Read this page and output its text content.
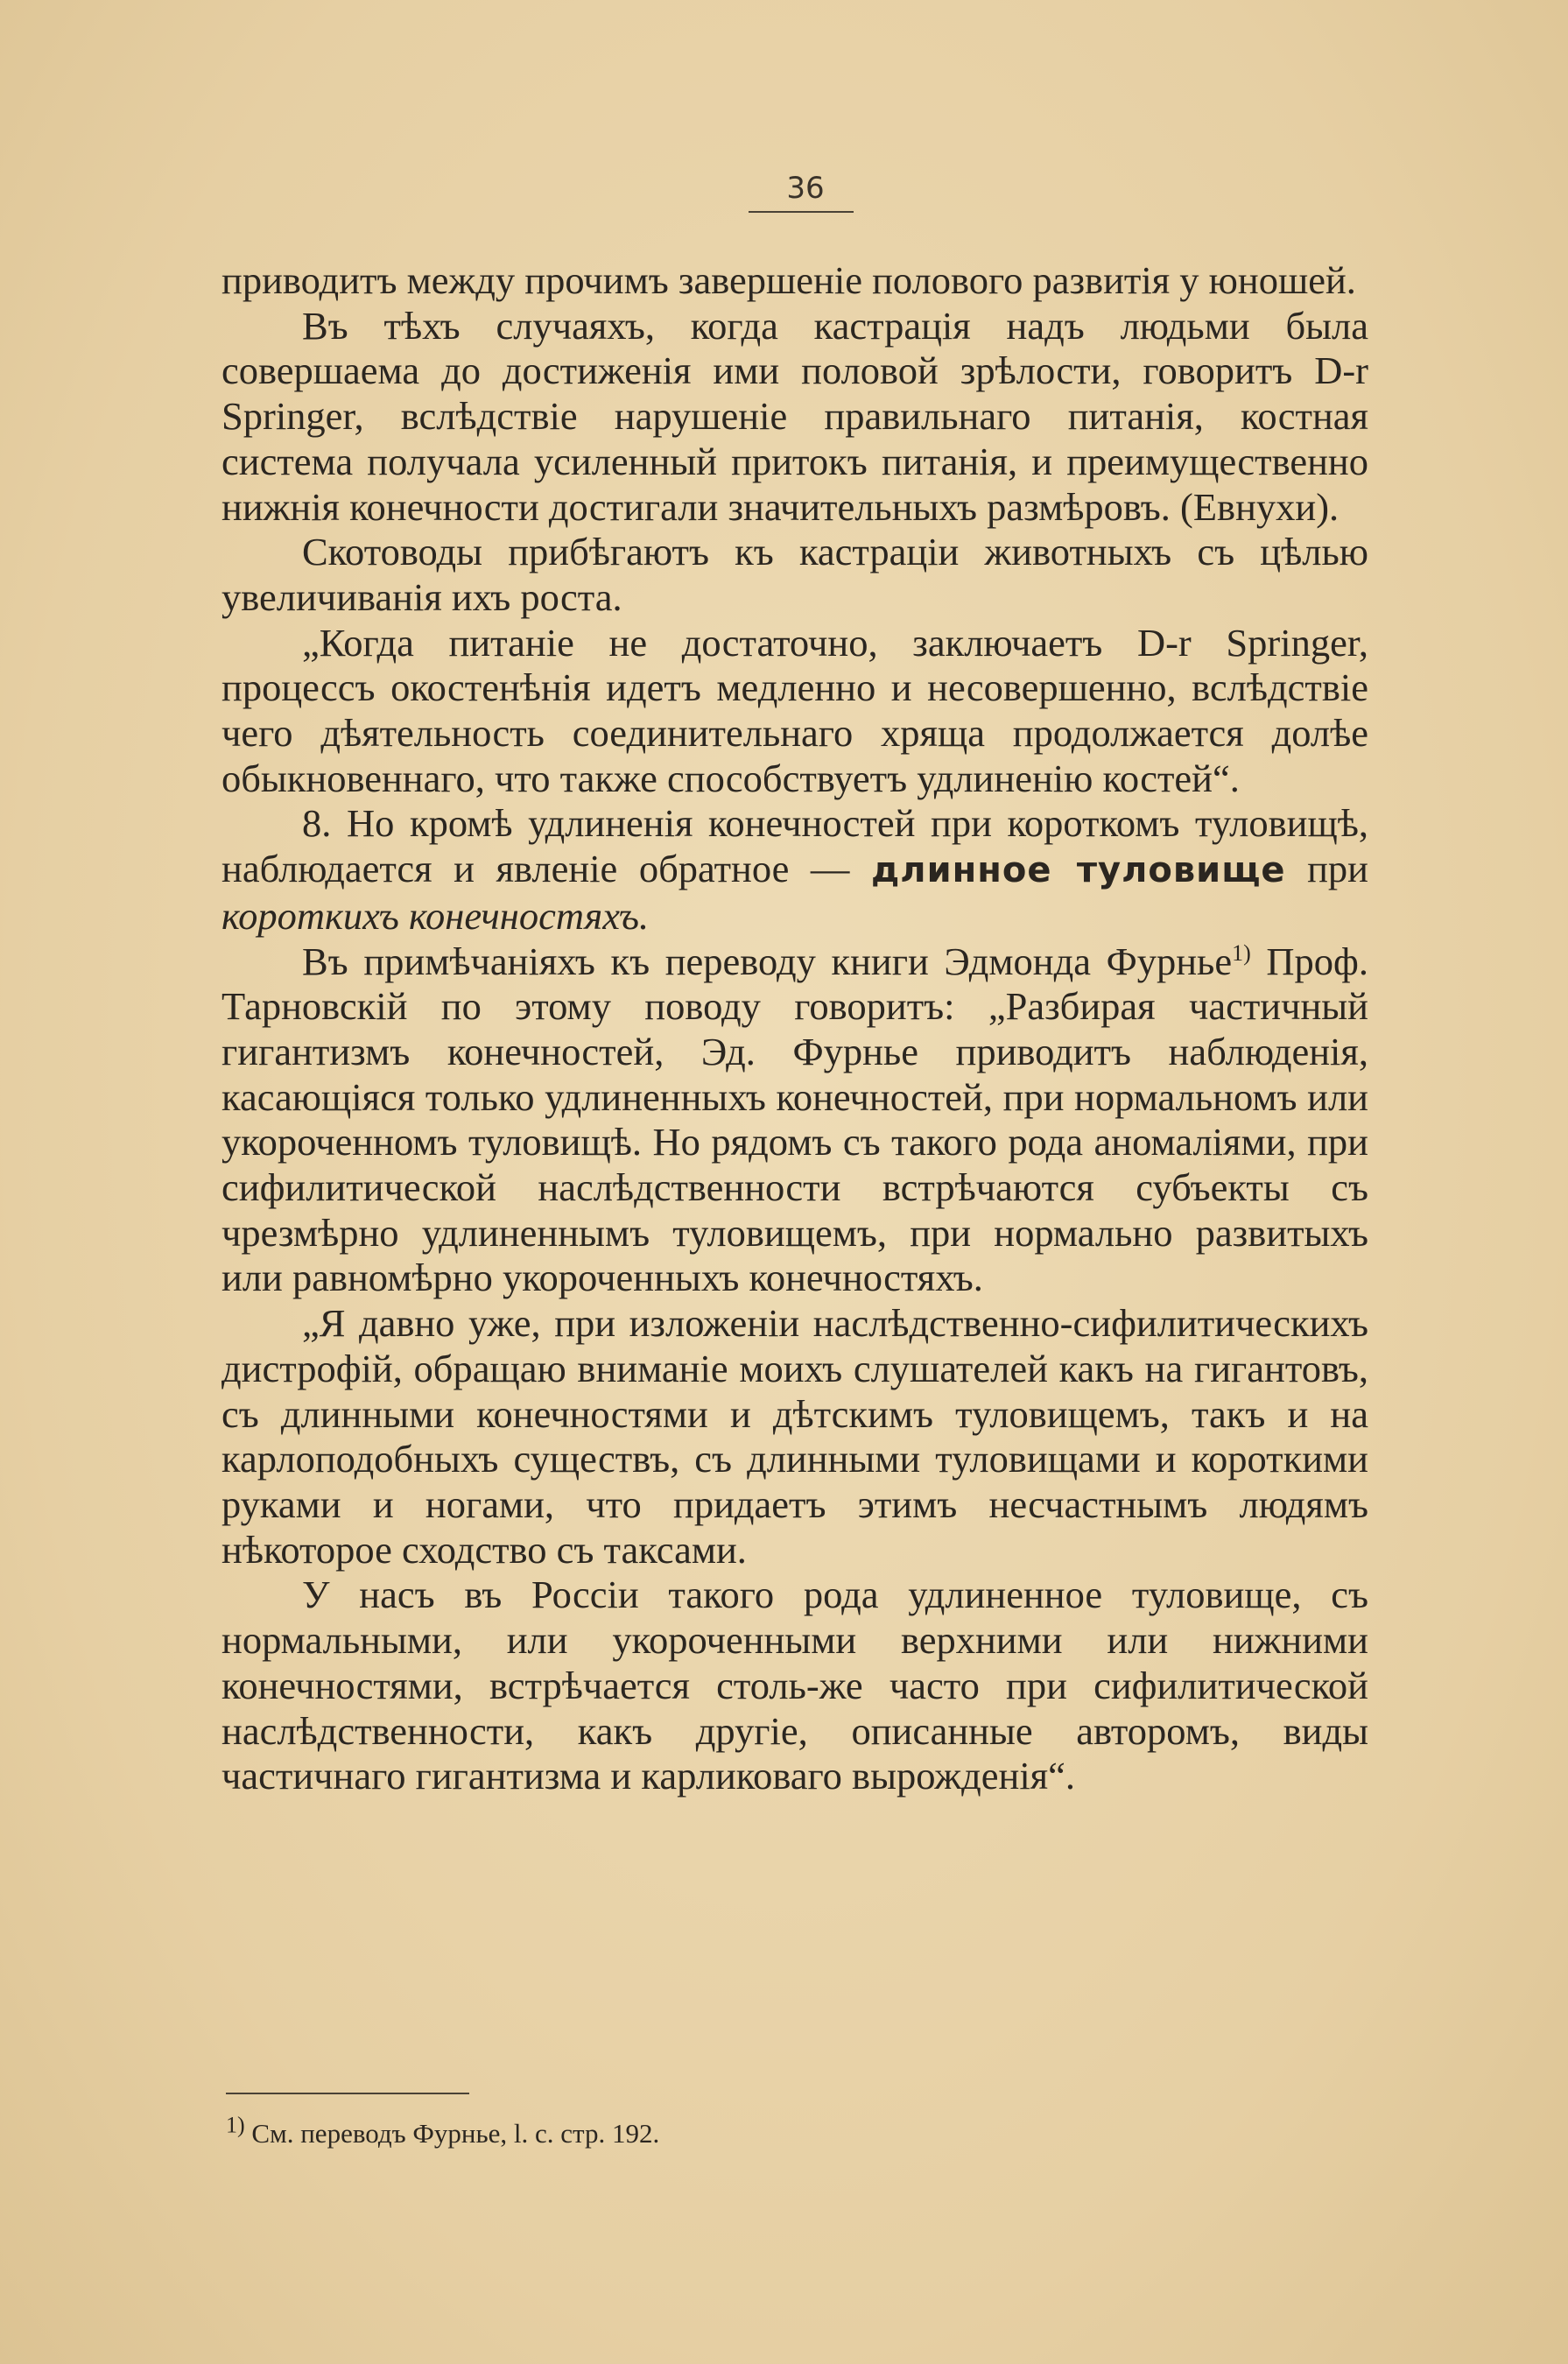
36

приводитъ между прочимъ завершеніе полового развитія у юношей.

Въ тѣхъ случаяхъ, когда кастрація надъ людьми была совершаема до достиженія ими половой зрѣлости, говоритъ D-r Springer, вслѣдствіе нарушеніе правильнаго питанія, костная система получала усиленный притокъ питанія, и преимущественно нижнія конечности достигали значительныхъ размѣровъ. (Евнухи).

Скотоводы прибѣгаютъ къ кастраціи животныхъ съ цѣлью увеличиванія ихъ роста.

„Когда питаніе не достаточно, заключаетъ D-r Springer, процессъ окостенѣнія идетъ медленно и несовершенно, вслѣдствіе чего дѣятельность соединительнаго хряща продолжается долѣе обыкновеннаго, что также способствуетъ удлиненію костей“.

8. Но кромѣ удлиненія конечностей при короткомъ туловищѣ, наблюдается и явленіе обратное — длинное туловище при короткихъ конечностяхъ.

Въ примѣчаніяхъ къ переводу книги Эдмонда Фурнье$^{1)}$ Проф. Тарновскій по этому поводу говоритъ: „Разбирая частичный гигантизмъ конечностей, Эд. Фурнье приводитъ наблюденія, касающіяся только удлиненныхъ конечностей, при нормальномъ или укороченномъ туловищѣ. Но рядомъ съ такого рода аномаліями, при сифилитической наслѣдственности встрѣчаются субъекты съ чрезмѣрно удлиненнымъ туловищемъ, при нормально развитыхъ или равномѣрно укороченныхъ конечностяхъ.

„Я давно уже, при изложеніи наслѣдственно-сифилитическихъ дистрофій, обращаю вниманіе моихъ слушателей какъ на гигантовъ, съ длинными конечностями и дѣтскимъ туловищемъ, такъ и на карлоподобныхъ существъ, съ длинными туловищами и короткими руками и ногами, что придаетъ этимъ несчастнымъ людямъ нѣкоторое сходство съ таксами.

У насъ въ Россіи такого рода удлиненное туловище, съ нормальными, или укороченными верхними или нижними конечностями, встрѣчается столь-же часто при сифилитической наслѣдственности, какъ другіе, описанные авторомъ, виды частичнаго гигантизма и карликоваго вырожденія“.

$^{1)}$ См. переводъ Фурнье, l. c. стр. 192.
